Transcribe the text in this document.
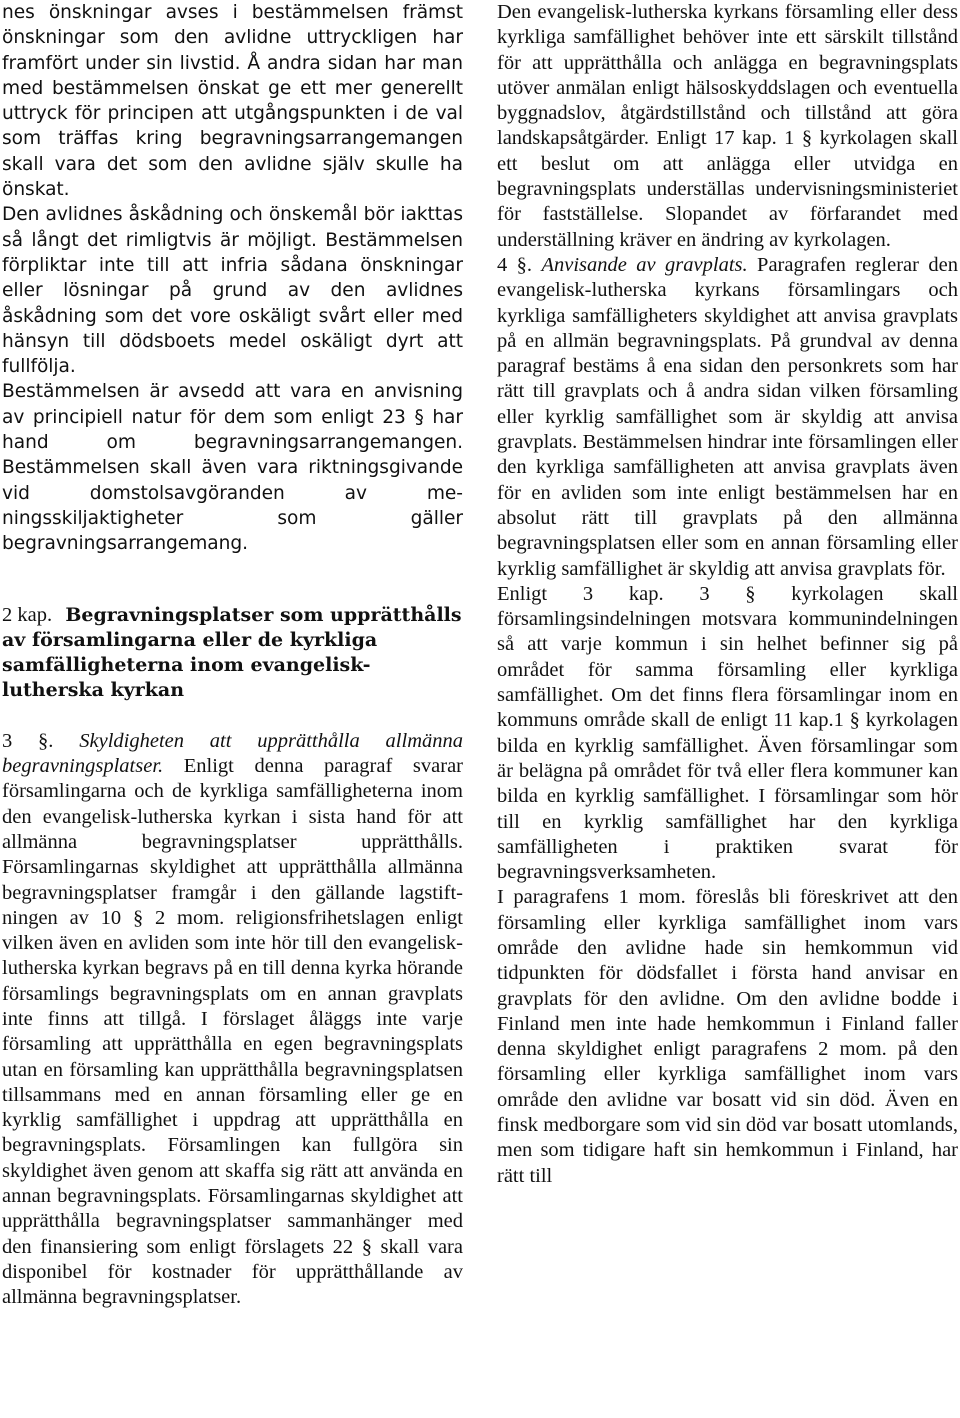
nes önskningar avses i bestämmelsen främst önskningar som den avlidne uttryckligen har framfört under sin livstid. Å andra sidan har man med bestämmelsen önskat ge ett mer generellt uttryck för principen att utgångspunkten i de val som träffas kring begravningsarrangemangen skall vara det som den avlidne själv skulle ha önskat.

Den avlidnes åskådning och önskemål bör iakttas så långt det rimligtvis är möjligt. Bestämmelsen förpliktar inte till att infria sådаna önskningar eller lösningar på grund av den avlidnes åskådning som det vore oskäligt svårt eller med hänsyn till dödsboets medel oskäligt dyrt att fullfölja.

Bestämmelsen är avsedd att vara en anvisning av principiell natur för dem som enligt 23 § har hand om begravningsarrangemangen. Bestämmelsen skall även vara riktningsgivande vid domstolsavgöranden av meningsskiljaktigheter som gäller begravningsarrangemang.

2 kap. Begravningsplatser som upprätthålls av församlingarna eller de kyrkliga samfälligheterna inom evangelisk-lutherska kyrkan

3 §. Skyldigheten att upprätthålla allmänna begravningsplatser. Enligt denna paragraf svarar församlingarna och de kyrkliga samfälligheterna inom den evangelisk-lutherska kyrkan i sista hand för att allmänna begravningsplatser upprätthålls. Församlingarnas skyldighet att upprätthålla allmänna begravningsplatser framgår i den gällande lagstiftningen av 10 § 2 mom. religionsfrihetslagen enligt vilken även en avliden som inte hör till den evangelisk-lutherska kyrkan begravs på en till denna kyrka hörande församlings begravningsplats om en annan gravplats inte finns att tillgå. I förslaget åläggs inte varje församling att upprätthålla en egen begravningsplats utan en församling kan upprätthålla begravningsplatsen tillsammans med en annan församling eller ge en kyrklig samfällighet i uppdrag att upprätthålla en begravningsplats. Församlingen kan fullgöra sin skyldighet även genom att skaffa sig rätt att använda en annan begravningsplats. Församlingarnas skyldighet att upprätthålla begravningsplatser sammanhänger med den finansiering som enligt förslagets 22 § skall vara disponibel för kostnader för upprätthållande av allmänna begravningsplatser.

Den evangelisk-lutherska kyrkans församling eller dess kyrkliga samfällighet behöver inte ett särskilt tillstånd för att upprätthålla och anlägga en begravningsplats utöver anmälan enligt hälsoskyddslagen och eventuella byggnadslov, åtgärdstillstånd och tillstånd att göra landskapsåtgärder. Enligt 17 kap. 1 § kyrkolagen skall ett beslut om att anlägga eller utvidga en begravningsplats underställas undervisningsministeriet för fastställelse. Slopandet av förfarandet med underställning kräver en ändring av kyrkolagen.

4 §. Anvisande av gravplats. Paragrafen reglerar den evangelisk-lutherska kyrkans församlingars och kyrkliga samfälligheters skyldighet att anvisa gravplats på en allmän begravningsplats. På grundval av denna paragraf bestäms å ena sidan den personkrets som har rätt till gravplats och å andra sidan vilken församling eller kyrklig samfällighet som är skyldig att anvisa gravplats. Bestämmelsen hindrar inte församlingen eller den kyrkliga samfälligheten att anvisa gravplats även för en avliden som inte enligt bestämmelsen har en absolut rätt till gravplats på den allmänna begravningsplatsen eller som en annan församling eller kyrklig samfällighet är skyldig att anvisa gravplats för.

Enligt 3 kap. 3 § kyrkolagen skall församlingsindelningen motsvara kommunindelningen så att varje kommun i sin helhet befinner sig på området för samma församling eller kyrkliga samfällighet. Om det finns flera församlingar inom en kommuns område skall de enligt 11 kap.1 § kyrkolagen bilda en kyrklig samfällighet. Även församlingar som är belägna på området för två eller flera kommuner kan bilda en kyrklig samfällighet. I församlingar som hör till en kyrklig samfällighet har den kyrkliga samfälligheten i praktiken svarat för begravningsverksamheten.

I paragrafens 1 mom. föreslås bli föreskrivet att den församling eller kyrkliga samfällighet inom vars område den avlidne hade sin hemkommun vid tidpunkten för dödsfallet i första hand anvisar en gravplats för den avlidne. Om den avlidne bodde i Finland men inte hade hemkommun i Finland faller denna skyldighet enligt paragrafens 2 mom. på den församling eller kyrkliga samfällighet inom vars område den avlidne var bosatt vid sin död. Även en finsk medborgare som vid sin död var bosatt utomlands, men som tidigare haft sin hemkommun i Finland, har rätt till
